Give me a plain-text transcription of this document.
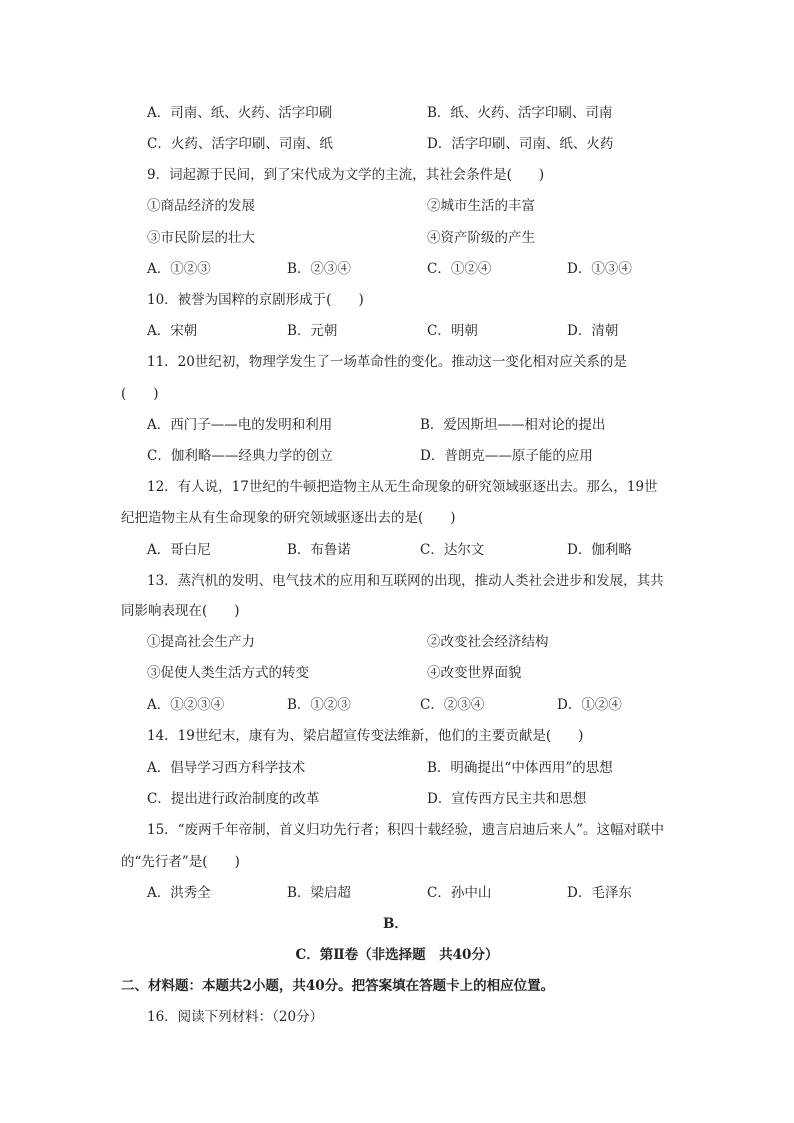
A．司南、纸、火药、活字印刷	B．纸、火药、活字印刷、司南
C．火药、活字印刷、司南、纸	D．活字印刷、司南、纸、火药
9．词起源于民间，到了宋代成为文学的主流，其社会条件是(　　)
①商品经济的发展	②城市生活的丰富
③市民阶层的壮大	④资产阶级的产生
A．①②③	B．②③④	C．①②④	D．①③④
10．被誉为国粹的京剧形成于(　　)
A．宋朝	B．元朝	C．明朝	D．清朝
11．20世纪初，物理学发生了一场革命性的变化。推动这一变化相对应关系的是
(　　)
A．西门子——电的发明和利用	B．爱因斯坦——相对论的提出
C．伽利略——经典力学的创立	D．普朗克——原子能的应用
12．有人说，17世纪的牛顿把造物主从无生命现象的研究领域驱逐出去。那么，19世
纪把造物主从有生命现象的研究领域驱逐出去的是(　　)
A．哥白尼	B．布鲁诺	C．达尔文	D．伽利略
13．蒸汽机的发明、电气技术的应用和互联网的出现，推动人类社会进步和发展，其共
同影响表现在(　　)
①提高社会生产力	②改变社会经济结构
③促使人类生活方式的转变	④改变世界面貌
A．①②③④	B．①②③	C．②③④	D．①②④
14．19世纪末，康有为、梁启超宣传变法维新，他们的主要贡献是(　　)
A．倡导学习西方科学技术	B．明确提出“中体西用”的思想
C．提出进行政治制度的改革	D．宣传西方民主共和思想
15．“废两千年帝制，首义归功先行者；积四十载经验，遗言启迪后来人”。这幅对联中
的“先行者”是(　　)
A．洪秀全	B．梁启超	C．孙中山	D．毛泽东
B．
C．第Ⅱ卷（非选择题　共40分）
二、材料题：本题共2小题，共40分。把答案填在答题卡上的相应位置。
16．阅读下列材料：（20分）
